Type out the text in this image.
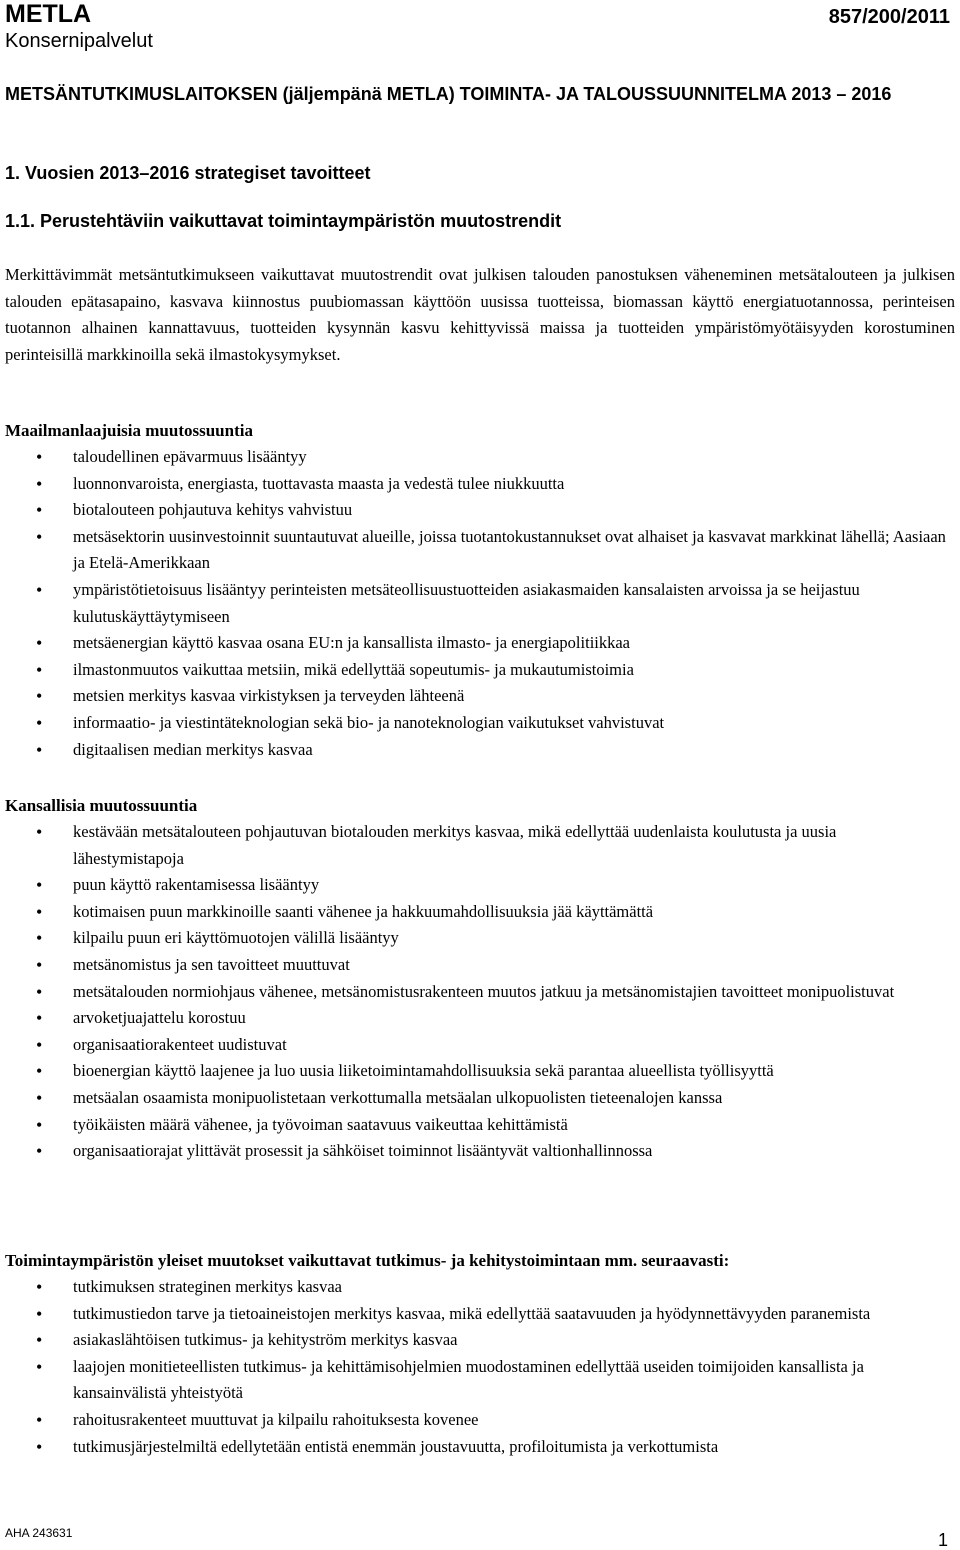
METLA
Konsernipalvelut
857/200/2011
METSÄNTUTKIMUSLAITOKSEN (jäljempänä METLA) TOIMINTA- JA TALOUSSUUNNITELMA 2013 – 2016
1. Vuosien 2013–2016 strategiset tavoitteet
1.1. Perustehtäviin vaikuttavat toimintaympäristön muutostrendit

Merkittävimmät metsäntutkimukseen vaikuttavat muutostrendit ovat julkisen talouden panostuksen väheneminen metsätalouteen ja julkisen talouden epätasapaino, kasvava kiinnostus puubiomassan käyttöön uusissa tuotteissa, biomassan käyttö energiatuotannossa, perinteisen tuotannon alhainen kannattavuus, tuotteiden kysynnän kasvu kehittyvissä maissa ja tuotteiden ympäristömyötäisyyden korostuminen perinteisillä markkinoilla sekä ilmastokysymykset.

Maailmanlaajuisia muutossuuntia
• taloudellinen epävarmuus lisääntyy
• luonnonvaroista, energiasta, tuottavasta maasta ja vedestä tulee niukkuutta
• biotalouteen pohjautuva kehitys vahvistuu
• metsäsektorin uusinvestoinnit suuntautuvat alueille, joissa tuotantokustannukset ovat alhaiset ja kasvavat markkinat lähellä; Aasiaan ja Etelä-Amerikkaan
• ympäristötietoisuus lisääntyy perinteisten metsäteollisuustuotteiden asiakasmaiden kansalaisten arvoissa ja se heijastuu kulutuskäyttäytymiseen
• metsäenergian käyttö kasvaa osana EU:n ja kansallista ilmasto- ja energiapolitiikkaa
• ilmastonmuutos vaikuttaa metsiin, mikä edellyttää sopeutumis- ja mukautumistoimia
• metsien merkitys kasvaa virkistyksen ja terveyden lähteenä
• informaatio- ja viestintäteknologian sekä bio- ja nanoteknologian vaikutukset vahvistuvat
• digitaalisen median merkitys kasvaa
Kansallisia muutossuuntia
• kestävään metsätalouteen pohjautuvan biotalouden merkitys kasvaa, mikä edellyttää uudenlaista koulutusta ja uusia lähestymistapoja
• puun käyttö rakentamisessa lisääntyy
• kotimaisen puun markkinoille saanti vähenee ja hakkuumahdollisuuksia jää käyttämättä
• kilpailu puun eri käyttömuotojen välillä lisääntyy
• metsänomistus ja sen tavoitteet muuttuvat
• metsätalouden normiohjaus vähenee, metsänomistusrakenteen muutos jatkuu ja metsänomistajien tavoitteet monipuolistuvat
• arvoketjuajattelu korostuu
• organisaatiorakenteet uudistuvat
• bioenergian käyttö laajenee ja luo uusia liiketoimintamahdollisuuksia sekä parantaa alueellista työllisyyttä
• metsäalan osaamista monipuolistetaan verkottumalla metsäalan ulkopuolisten tieteenalojen kanssa
• työikäisten määrä vähenee, ja työvoiman saatavuus vaikeuttaa kehittämistä
• organisaatiorajat ylittävät prosessit ja sähköiset toiminnot lisääntyvät valtionhallinnossa
Toimintaympäristön yleiset muutokset vaikuttavat tutkimus- ja kehitystoimintaan mm. seuraavasti:
• tutkimuksen strateginen merkitys kasvaa
• tutkimustiedon tarve ja tietoaineistojen merkitys kasvaa, mikä edellyttää saatavuuden ja hyödynnettävyyden paranemista
• asiakaslähtöisen tutkimus- ja kehityström merkitys kasvaa
• laajojen monitieteellisten tutkimus- ja kehittämisohjelmien muodostaminen edellyttää useiden toimijoiden kansallista ja kansainvälistä yhteistyötä
• rahoitusrakenteet muuttuvat ja kilpailu rahoituksesta kovenee
• tutkimusjärjestelmiltä edellytetään entistä enemmän joustavuutta, profiloitumista ja verkottumista
AHA 243631	1
